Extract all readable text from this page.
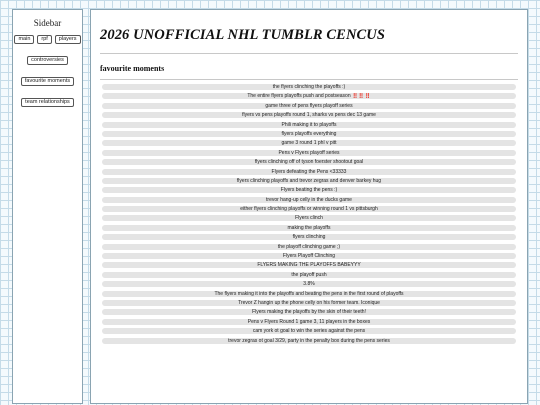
Sidebar
main	rpf	players
controversies
favourite moments
team relationships
2026 UNOFFICIAL NHL TUMBLR CENCUS
favourite moments
the flyers clinching the playoffs :)
The entire flyers playoffs push and postseason ‼️‼️‼️
game three of pens flyers playoff series
flyers vs pens playoffs round 1, sharks vs pens dec 13 game
Phili making it to playoffs
flyers playoffs everything
game 3 round 1 phl v pitt
Pens v Flyers playoff series
flyers clinching off of tyson foerster shootout goal
Flyers defeating the Pens <33333
flyers clinching playoffs and trevor zegras and denver barkey hug
Flyers beating the pens :)
trevor hang-up celly in the ducks game
either flyers clinching playoffs or winning round 1 vs pittsburgh
Flyers clinch
making the playoffs
flyers clinching
the playoff clinching game ;)
Flyers Playoff Clinching
FLYERS MAKING THE PLAYOFFS BABEYYY
the playoff push
3.8%
The flyers making it into the playoffs and beating the pens in the first round of playoffs
Trevor Z hangin up the phone celly on his former team. Iconique
Flyers making the playoffs by the skin of their teeth!
Pens v Flyers Round 1 game 3, 11 players in the boxes
cam york ot goal to win the series against the pens
trevor zegras ot goal 3/29, party in the penalty box during the pens series
